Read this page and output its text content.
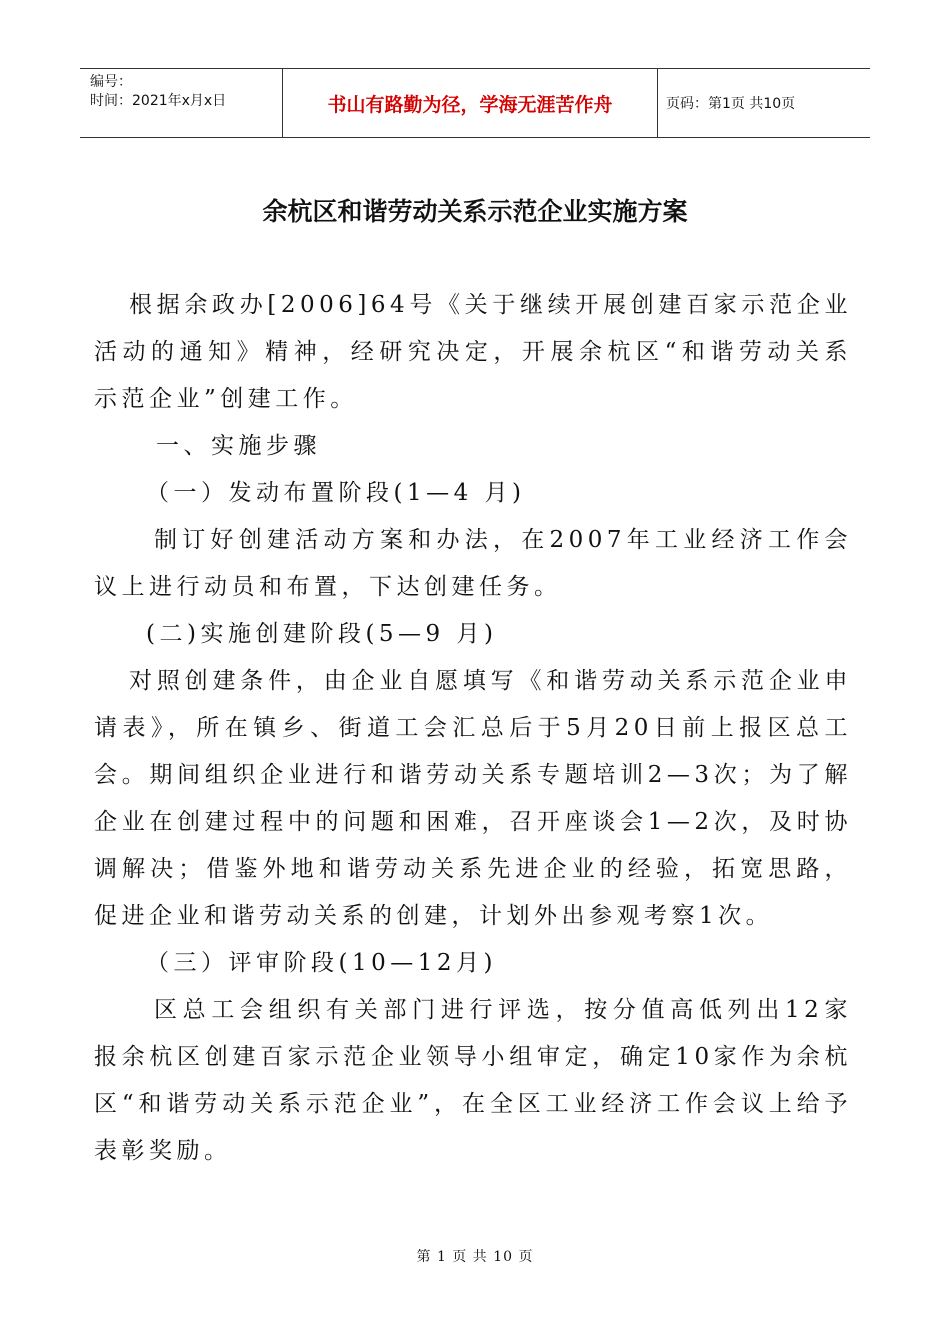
编号：
时间：2021年x月x日	书山有路勤为径，学海无涯苦作舟	页码：第1页 共10页
余杭区和谐劳动关系示范企业实施方案

根据余政办[2006]64号《关于继续开展创建百家示范企业活动的通知》精神，经研究决定，开展余杭区“和谐劳动关系示范企业”创建工作。

一、实施步骤

（一）发动布置阶段(1—4 月)

制订好创建活动方案和办法，在2007年工业经济工作会议上进行动员和布置，下达创建任务。

(二)实施创建阶段(5—9 月)

对照创建条件，由企业自愿填写《和谐劳动关系示范企业申请表》，所在镇乡、街道工会汇总后于5月20日前上报区总工会。期间组织企业进行和谐劳动关系专题培训2—3次；为了解企业在创建过程中的问题和困难，召开座谈会1—2次，及时协调解决；借鉴外地和谐劳动关系先进企业的经验，拓宽思路，促进企业和谐劳动关系的创建，计划外出参观考察1次。

（三）评审阶段(10—12月)

区总工会组织有关部门进行评选，按分值高低列出12家报余杭区创建百家示范企业领导小组审定，确定10家作为余杭区“和谐劳动关系示范企业”，在全区工业经济工作会议上给予表彰奖励。

第 1 页 共 10 页
